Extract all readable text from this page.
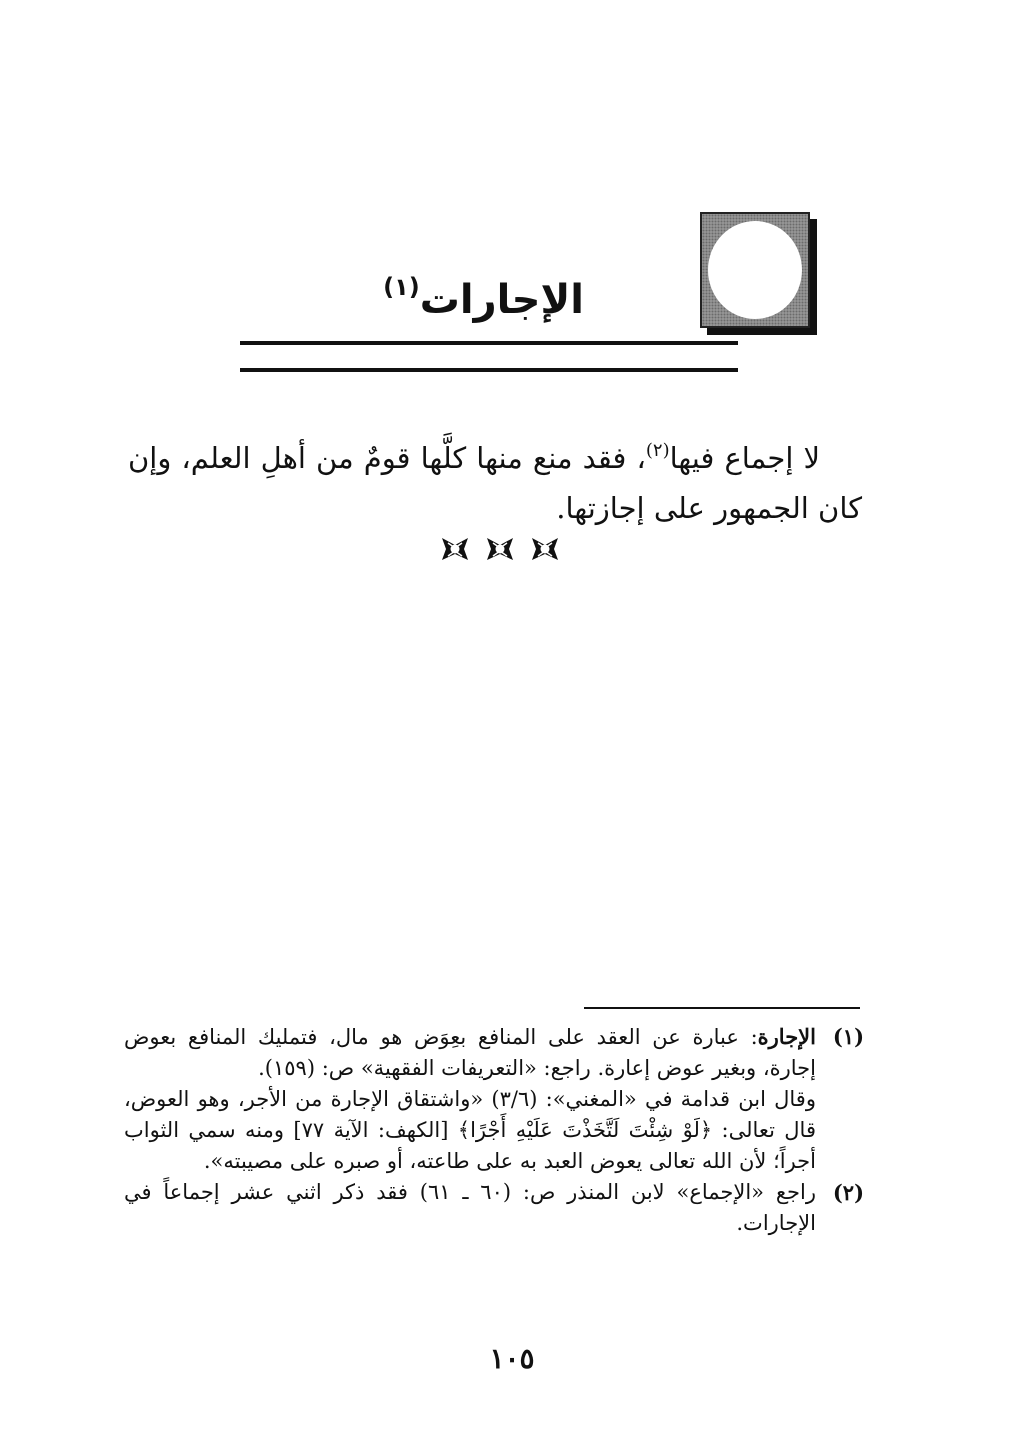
الإجارات$^{(١)}$
لا إجماع فيها$^{(٢)}$، فقد منع منها كلَّها قومٌ من أهلِ العلم، وإن كان الجمهور على إجازتها.
(١)

الإجارة: عبارة عن العقد على المنافع بعِوَض هو مال، فتمليك المنافع بعوض إجارة، وبغير عوض إعارة. راجع: «التعريفات الفقهية» ص: (١٥٩).

وقال ابن قدامة في «المغني»: (٣/٦) «واشتقاق الإجارة من الأجر، وهو العوض، قال تعالى: ﴿لَوْ شِئْتَ لَتَّخَذْتَ عَلَيْهِ أَجْرًا﴾ [الكهف: الآية ٧٧] ومنه سمي الثواب أجراً؛ لأن الله تعالى يعوض العبد به على طاعته، أو صبره على مصيبته».

(٢)

راجع «الإجماع» لابن المنذر ص: (٦٠ ـ ٦١) فقد ذكر اثني عشر إجماعاً في الإجارات.

١٠٥
